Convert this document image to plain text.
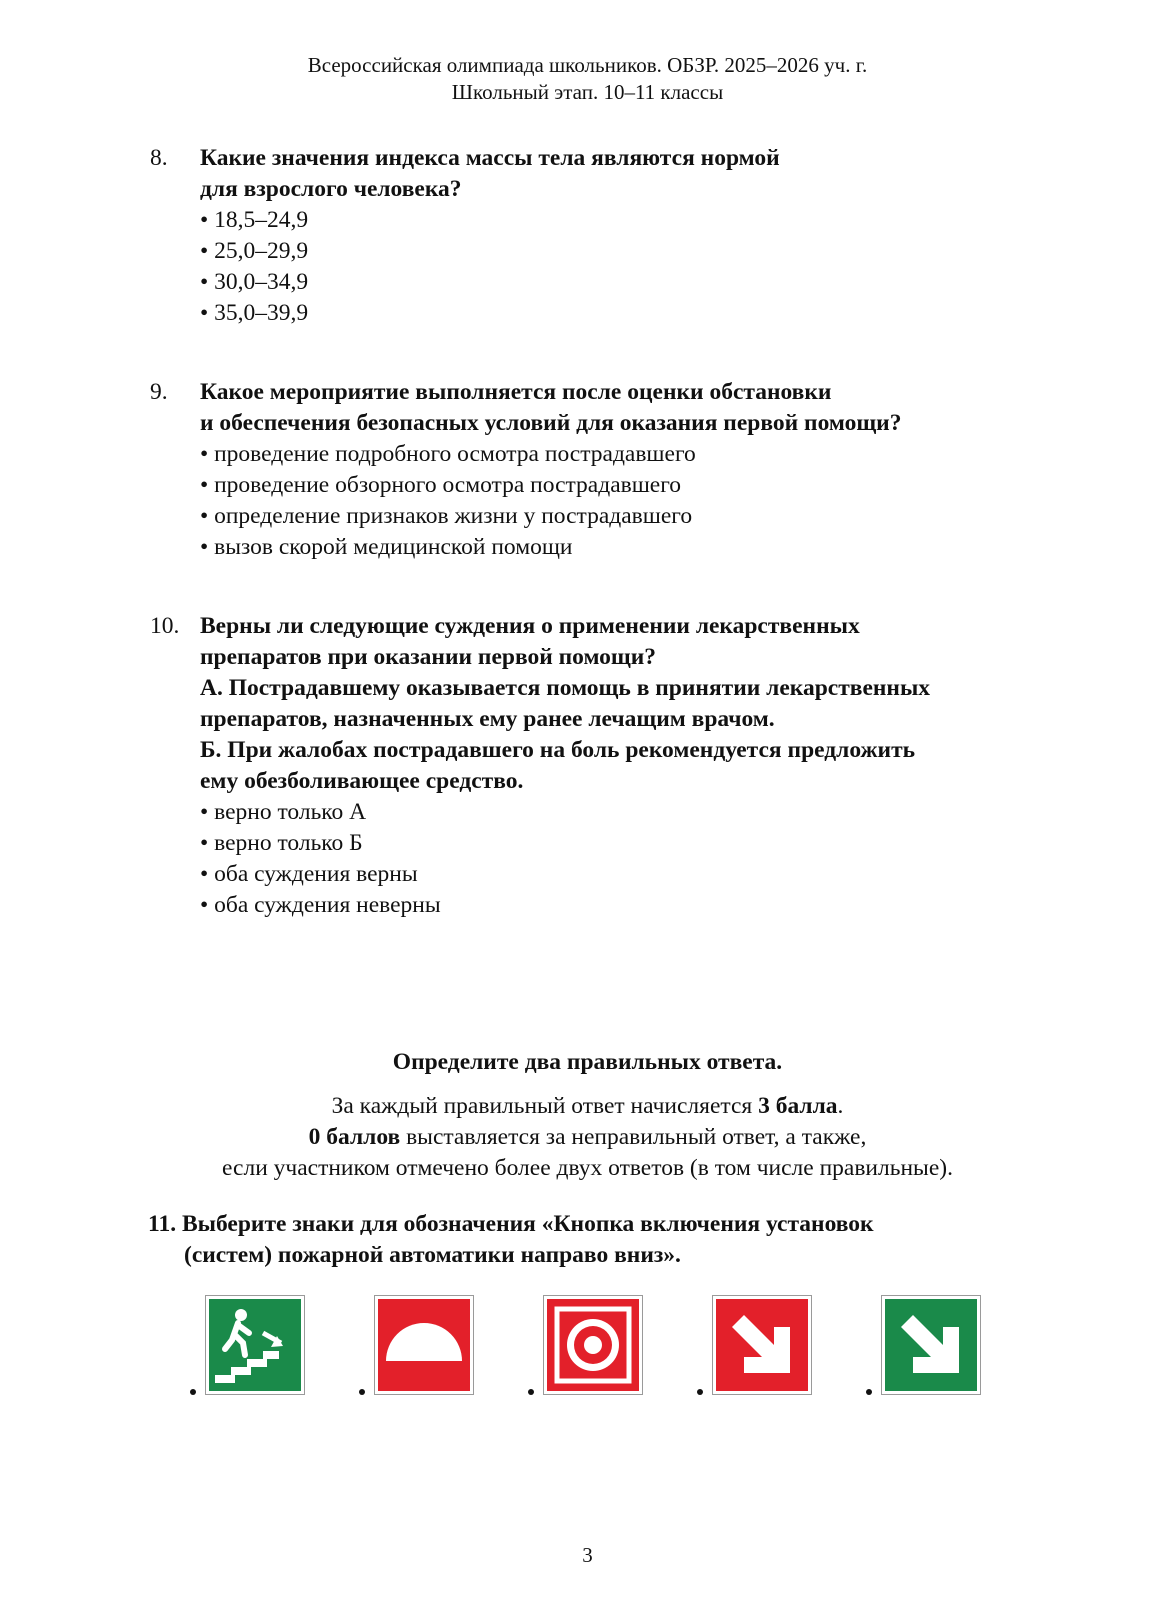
Всероссийская олимпиада школьников. ОБЗР. 2025–2026 уч. г.
Школьный этап. 10–11 классы
8.	Какие значения индекса массы тела являются нормой
для взрослого человека?
• 18,5–24,9
• 25,0–29,9
• 30,0–34,9
• 35,0–39,9
9.	Какое мероприятие выполняется после оценки обстановки
и обеспечения безопасных условий для оказания первой помощи?
• проведение подробного осмотра пострадавшего
• проведение обзорного осмотра пострадавшего
• определение признаков жизни у пострадавшего
• вызов скорой медицинской помощи
10. Верны ли следующие суждения о применении лекарственных
препаратов при оказании первой помощи?
А. Пострадавшему оказывается помощь в принятии лекарственных
препаратов, назначенных ему ранее лечащим врачом.
Б. При жалобах пострадавшего на боль рекомендуется предложить
ему обезболивающее средство.
• верно только А
• верно только Б
• оба суждения верны
• оба суждения неверны
Определите два правильных ответа.
За каждый правильный ответ начисляется 3 балла.
0 баллов выставляется за неправильный ответ, а также,
если участником отмечено более двух ответов (в том числе правильные).
11. Выберите знаки для обозначения «Кнопка включения установок
(систем) пожарной автоматики направо вниз».
3
